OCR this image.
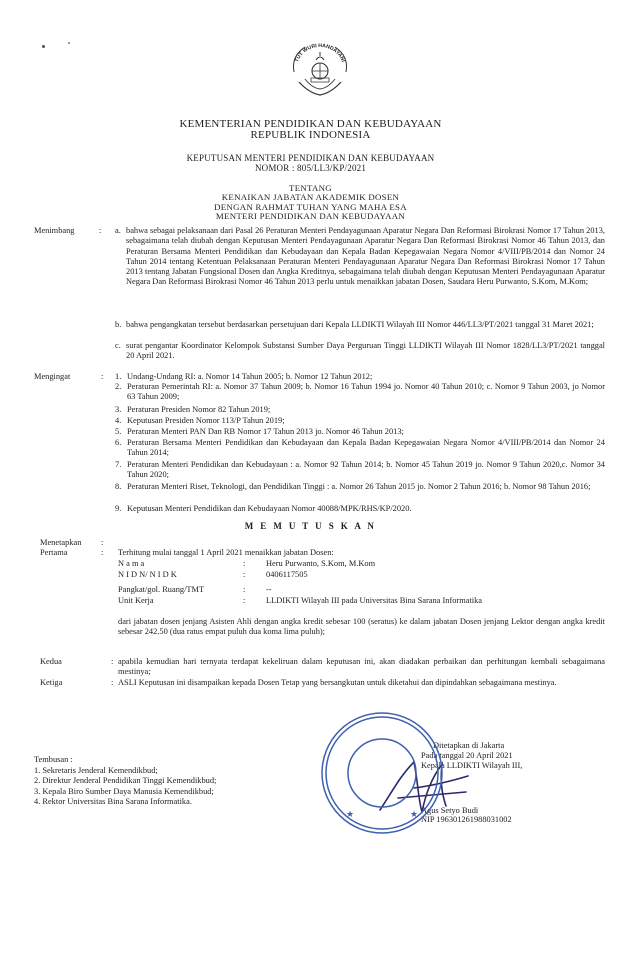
TUT WURI HANDAYANI
KEMENTERIAN PENDIDIKAN DAN KEBUDAYAAN
REPUBLIK INDONESIA
KEPUTUSAN MENTERI PENDIDIKAN DAN KEBUDAYAAN
NOMOR : 805/LL3/KP/2021
TENTANG
KENAIKAN JABATAN AKADEMIK DOSEN
DENGAN RAHMAT TUHAN YANG MAHA ESA
MENTERI PENDIDIKAN DAN KEBUDAYAAN
Menimbang	: a. bahwa sebagai pelaksanaan dari Pasal 26 Peraturan Menteri Pendayagunaan Aparatur Negara Dan Reformasi Birokrasi Nomor 17 Tahun 2013, sebagaimana telah diubah dengan Keputusan Menteri Pendayagunaan Aparatur Negara Dan Reformasi Birokrasi Nomor 46 Tahun 2013, dan Peraturan Bersama Menteri Pendidikan dan Kebudayaan dan Kepala Badan Kepegawaian Negara Nomor 4/VIII/PB/2014 dan Nomor 24 Tahun 2014 tentang Ketentuan Pelaksanaan Peraturan Menteri Pendayagunaan Aparatur Negara Dan Reformasi Birokrasi Nomor 17 Tahun 2013 tentang Jabatan Fungsional Dosen dan Angka Kreditnya, sebagaimana telah diubah dengan Keputusan Menteri Pendayagunaan Aparatur Negara Dan Reformasi Birokrasi Nomor 46 Tahun 2013 perlu untuk menaikkan jabatan Dosen, Saudara Heru Purwanto, S.Kom, M.Kom;
b. bahwa pengangkatan tersebut berdasarkan persetujuan dari Kepala LLDIKTI Wilayah III Nomor 446/LL3/PT/2021 tanggal 31 Maret 2021;
c. surat pengantar Koordinator Kelompok Substansi Sumber Daya Perguruan Tinggi LLDIKTI Wilayah III Nomor 1828/LL3/PT/2021 tanggal 20 April 2021.
Mengingat	: 1. Undang-Undang RI: a. Nomor 14 Tahun 2005; b. Nomor 12 Tahun 2012;
2. Peraturan Pemerintah RI: a. Nomor 37 Tahun 2009; b. Nomor 16 Tahun 1994 jo. Nomor 40 Tahun 2010; c. Nomor 9 Tahun 2003, jo Nomor 63 Tahun 2009;
3. Peraturan Presiden Nomor 82 Tahun 2019;
4. Keputusan Presiden Nomor 113/P Tahun 2019;
5. Peraturan Menteri PAN Dan RB Nomor 17 Tahun 2013 jo. Nomor 46 Tahun 2013;
6. Peraturan Bersama Menteri Pendidikan dan Kebudayaan dan Kepala Badan Kepegawaian Negara Nomor 4/VIII/PB/2014 dan Nomor 24 Tahun 2014;
7. Peraturan Menteri Pendidikan dan Kebudayaan : a. Nomor 92 Tahun 2014; b. Nomor 45 Tahun 2019 jo. Nomor 9 Tahun 2020,c. Nomor 34 Tahun 2020;
8. Peraturan Menteri Riset, Teknologi, dan Pendidikan Tinggi : a. Nomor 26 Tahun 2015 jo. Nomor 2 Tahun 2016; b. Nomor 98 Tahun 2016;
9. Keputusan Menteri Pendidikan dan Kebudayaan Nomor 40088/MPK/RHS/KP/2020.
M E M U T U S K A N
Menetapkan :
Pertama	: Terhitung mulai tanggal 1 April 2021 menaikkan jabatan Dosen:
N a m a	: Heru Purwanto, S.Kom, M.Kom
N I D N/ N I D K	: 0406117505
Pangkat/gol. Ruang/TMT	: --
Unit Kerja	: LLDIKTI Wilayah III pada Universitas Bina Sarana Informatika
dari jabatan dosen jenjang Asisten Ahli dengan angka kredit sebesar 100 (seratus) ke dalam jabatan Dosen jenjang Lektor dengan angka kredit sebesar 242.50 (dua ratus empat puluh dua koma lima puluh);
Kedua	: apabila kemudian hari ternyata terdapat kekeliruan dalam keputusan ini, akan diadakan perbaikan dan perhitungan kembali sebagaimana mestinya;
Ketiga	: ASLI Keputusan ini disampaikan kepada Dosen Tetap yang bersangkutan untuk diketahui dan dipindahkan sebagaimana mestinya.
Ditetapkan di Jakarta
Pada tanggal 20 April 2021
Kepala LLDIKTI Wilayah III,
Agus Setyo Budi
NIP 196301261988031002
★	★
Tembusan :
1. Sekretaris Jenderal Kemendikbud;
2. Direktur Jenderal Pendidikan Tinggi Kemendikbud;
3. Kepala Biro Sumber Daya Manusia Kemendikbud;
4. Rektor Universitas Bina Sarana Informatika.
